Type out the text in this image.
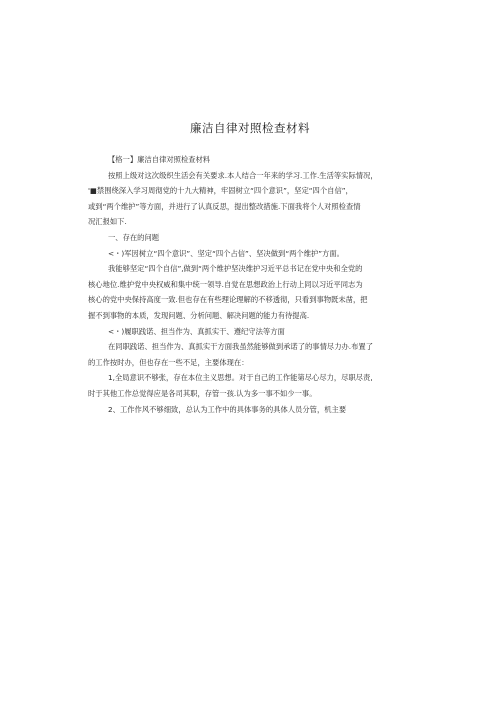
廉洁自律对照检查材料
【格一】廉洁自律对照检查材料
按照上级对这次级织生活会有关要求.本人结合一年来的学习.工作.生活等实际情况，
'■禁围绕深入学习周彻党的十九大精神，牢固树立“四个意识”，坚定“四个自信”，
或到“两个维护”等方面，并进行了认真反思，提出整改措施.下面我将个人对照检查情
况汇报如下.
一、存在的问题
<・)军因树立“四个意识”、坚定“四个占信”、坚决做到“两个维护”方面。
我能够坚定“四个自信”,做到“两个维护坚决维护习近平总书记在党中央和全党的
核心地位.维护党中央权威和集中统一领导.自觉在思想政治上行动上同以习近平同志为
核心的党中央保持高度一致.但也存在有些理论理解的不移透彻，只看到事物既未凿，把
握不到事物的本质，发现问题、分析问题、解决问题的能力有待提高.
<・)履职践诺、担当作为、真抓实干、遵纪守法等方面
在同职践诺、担当作为、真抓实干方面我虽然能够做到承诺了的事情尽力办.布置了
的工作按时办，但也存在一些不足，主要体现在：
1,全局意识不够张，存在本位主义思想。对于自己的工作能第尽心尽力，尽职尽责,
时于其他工作总觉得应是各司其职，存管一孩.认为多一事不如少一事。
2、工作作风不够细致，总认为工作中的具体事务的具体人员分管，机主要
